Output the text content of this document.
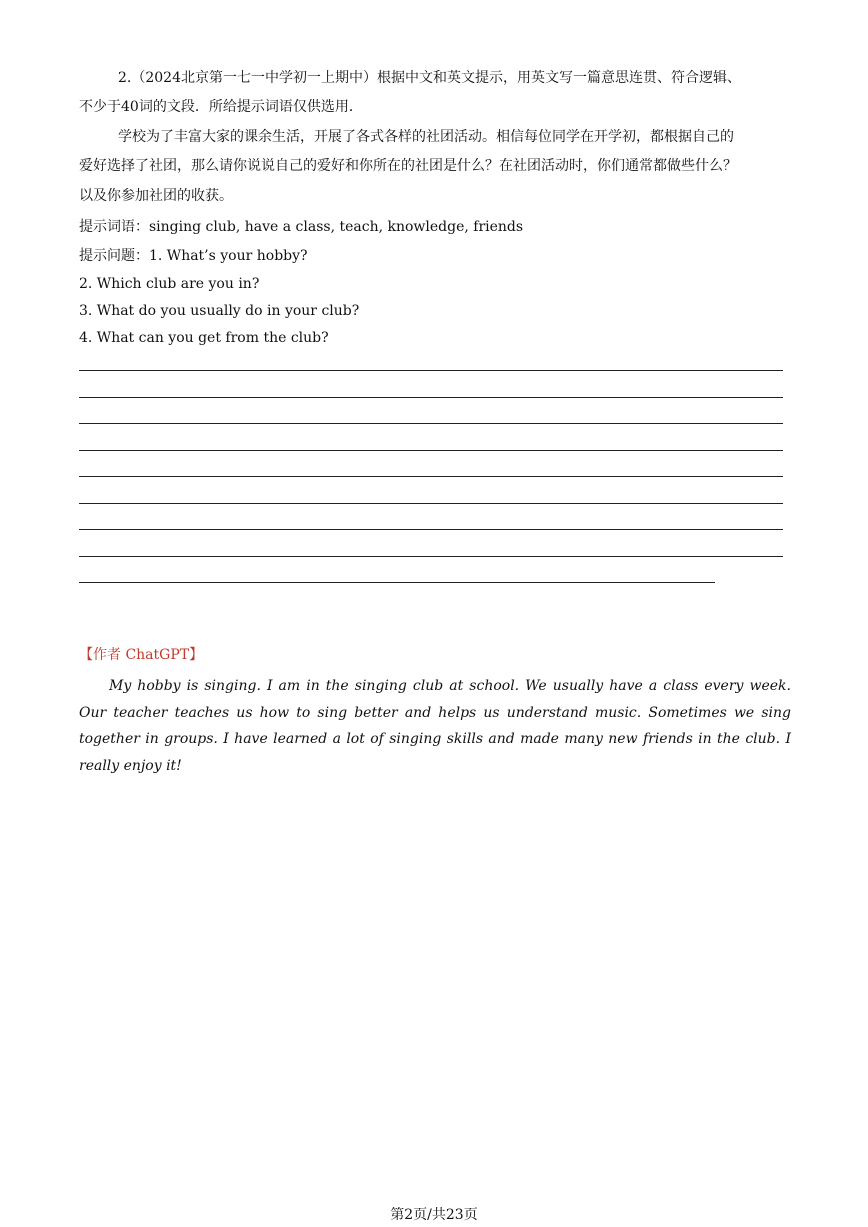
2.（2024北京第一七一中学初一上期中）根据中文和英文提示，用英文写一篇意思连贯、符合逻辑、
不少于40词的文段．所给提示词语仅供选用．
学校为了丰富大家的课余生活，开展了各式各样的社团活动。相信每位同学在开学初，都根据自己的
爱好选择了社团，那么请你说说自己的爱好和你所在的社团是什么？在社团活动时，你们通常都做些什么？
以及你参加社团的收获。
提示词语：singing club, have a class, teach, knowledge, friends
提示问题：1. What’s your hobby?
2. Which club are you in?
3. What do you usually do in your club?
4. What can you get from the club?
【作者 ChatGPT】
My hobby is singing. I am in the singing club at school. We usually have a class every week. Our teacher teaches us how to sing better and helps us understand music. Sometimes we sing together in groups. I have learned a lot of singing skills and made many new friends in the club. I really enjoy it!
第2页/共23页
